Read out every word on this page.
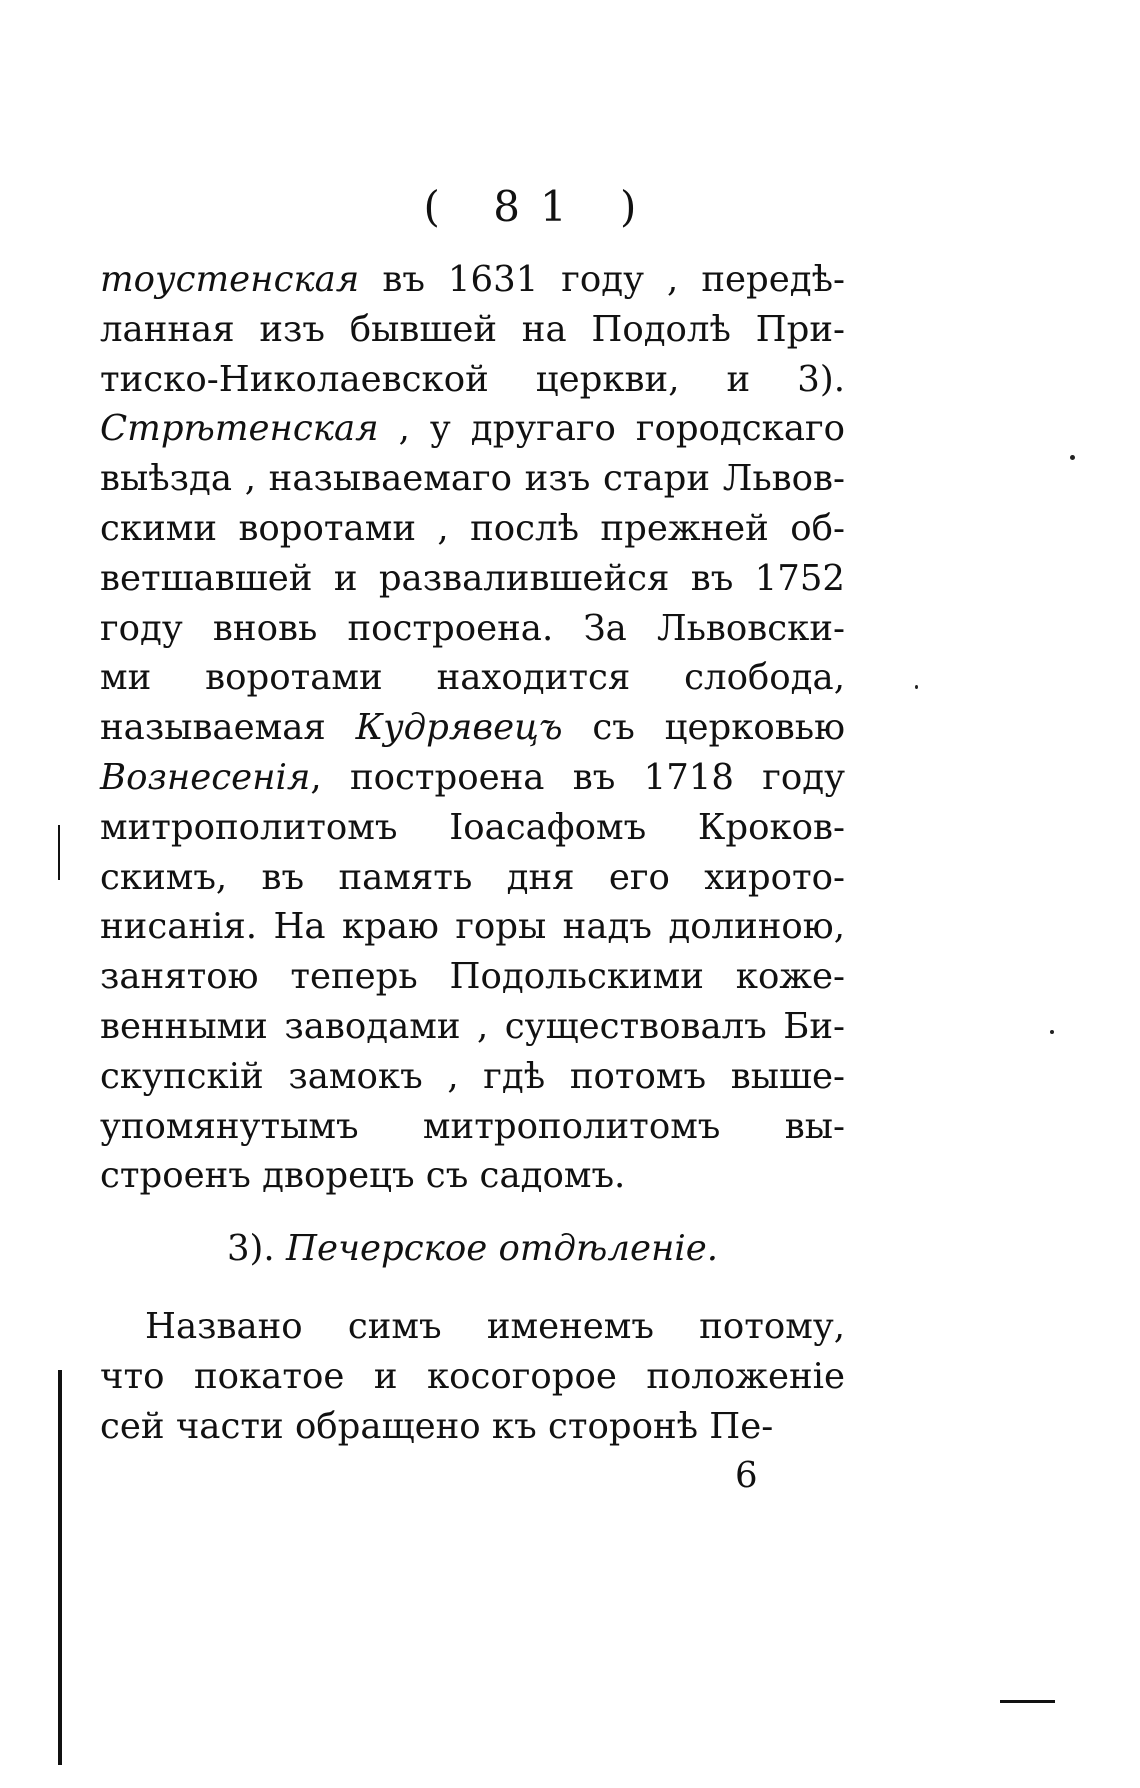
( 81 )
тоустенская въ 1631 году , передѣ-
ланная изъ бывшей на Подолѣ При-
тиско-Николаевской церкви, и 3).
Стрѣтенская , у другаго городскаго
выѣзда , называемаго изъ стари Львов-
скими воротами , послѣ прежней об-
ветшавшей и развалившейся въ 1752
году вновь построена. За Львовски-
ми воротами находится слобода,
называемая Кудрявецъ съ церковью
Вознесенія, построена въ 1718 году
митрополитомъ Іоасафомъ Кроков-
скимъ, въ память дня его хирото-
нисанія. На краю горы надъ долиною,
занятою теперь Подольскими коже-
венными заводами , существовалъ Би-
скупскій замокъ , гдѣ потомъ выше-
упомянутымъ митрополитомъ вы-
строенъ дворецъ съ садомъ.
3). Печерское отдѣленіе.
Названо симъ именемъ потому,
что покатое и косогорое положеніе
сей части обращено къ сторонѣ Пе-
6
